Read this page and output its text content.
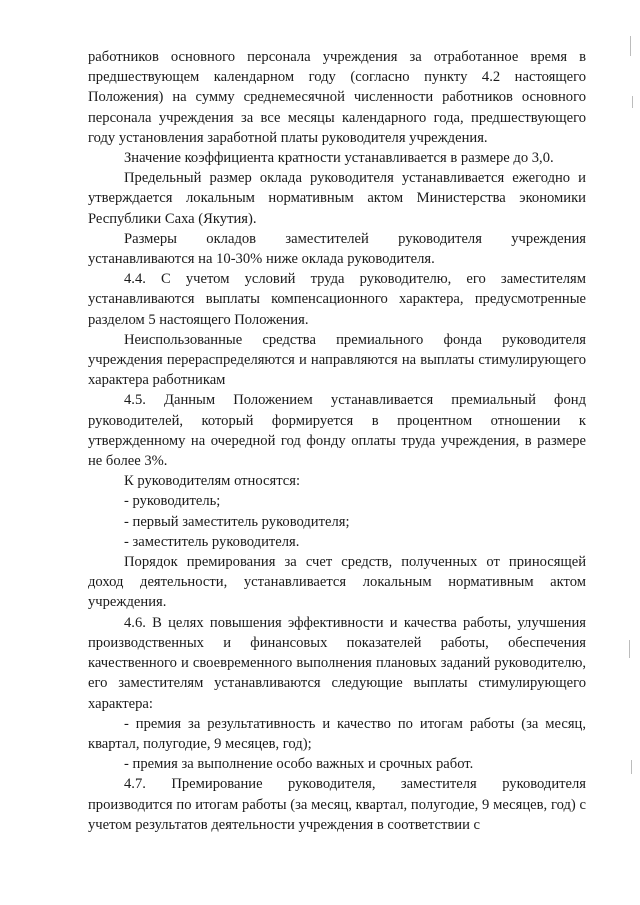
работников основного персонала учреждения за отработанное время в предшествующем календарном году (согласно пункту 4.2 настоящего Положения) на сумму среднемесячной численности работников основного персонала учреждения за все месяцы календарного года, предшествующего году установления заработной платы руководителя учреждения.

Значение коэффициента кратности устанавливается в размере до 3,0.

Предельный размер оклада руководителя устанавливается ежегодно и утверждается локальным нормативным актом Министерства экономики Республики Саха (Якутия).

Размеры окладов заместителей руководителя учреждения устанавливаются на 10-30% ниже оклада руководителя.

4.4. С учетом условий труда руководителю, его заместителям устанавливаются выплаты компенсационного характера, предусмотренные разделом 5 настоящего Положения.

Неиспользованные средства премиального фонда руководителя учреждения перераспределяются и направляются на выплаты стимулирующего характера работникам

4.5. Данным Положением устанавливается премиальный фонд руководителей, который формируется в процентном отношении к утвержденному на очередной год фонду оплаты труда учреждения, в размере не более 3%.

К руководителям относятся:

- руководитель;

- первый заместитель руководителя;

- заместитель руководителя.

Порядок премирования за счет средств, полученных от приносящей доход деятельности, устанавливается локальным нормативным актом учреждения.

4.6. В целях повышения эффективности и качества работы, улучшения производственных и финансовых показателей работы, обеспечения качественного и своевременного выполнения плановых заданий руководителю, его заместителям устанавливаются следующие выплаты стимулирующего характера:

- премия за результативность и качество по итогам работы (за месяц, квартал, полугодие, 9 месяцев, год);

- премия за выполнение особо важных и срочных работ.

4.7. Премирование руководителя, заместителя руководителя производится по итогам работы (за месяц, квартал, полугодие, 9 месяцев, год) с учетом результатов деятельности учреждения в соответствии с
